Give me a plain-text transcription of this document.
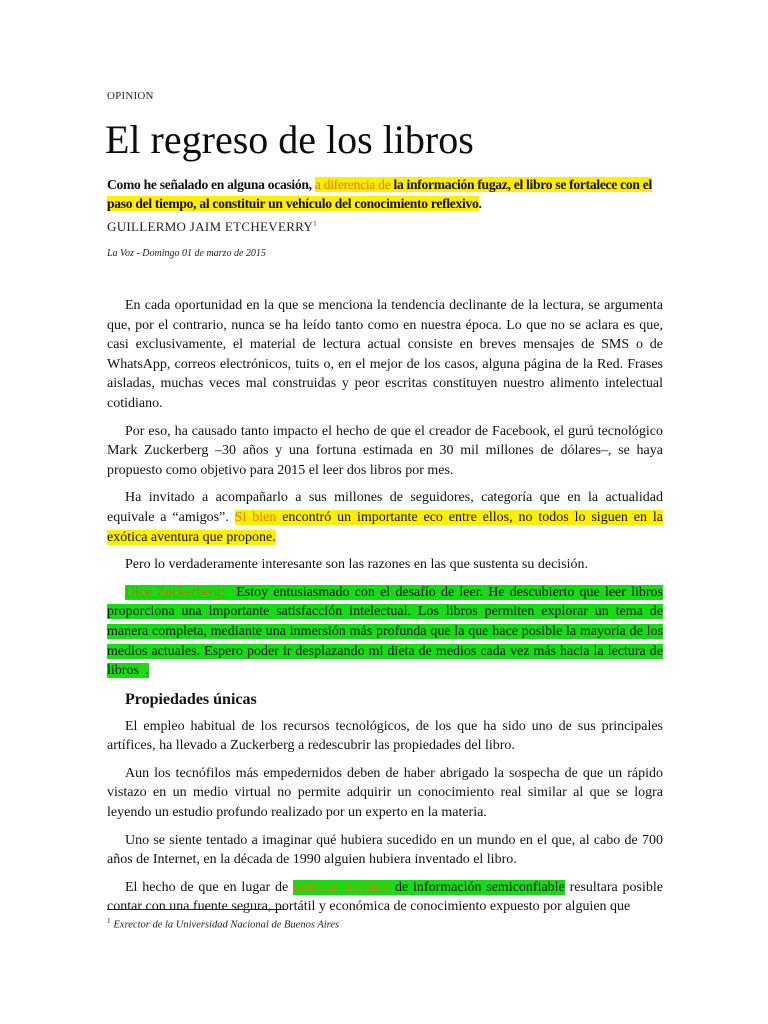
OPINION
El regreso de los libros
Como he señalado en alguna ocasión, a diferencia de la información fugaz, el libro se fortalece con el paso del tiempo, al constituir un vehículo del conocimiento reflexivo.
GUILLERMO JAIM ETCHEVERRY$^1$
La Voz - Domingo 01 de marzo de 2015

En cada oportunidad en la que se menciona la tendencia declinante de la lectura, se argumenta que, por el contrario, nunca se ha leído tanto como en nuestra época. Lo que no se aclara es que, casi exclusivamente, el material de lectura actual consiste en breves mensajes de SMS o de WhatsApp, correos electrónicos, tuits o, en el mejor de los casos, alguna página de la Red. Frases aisladas, muchas veces mal construidas y peor escritas constituyen nuestro alimento intelectual cotidiano.

Por eso, ha causado tanto impacto el hecho de que el creador de Facebook, el gurú tecnológico Mark Zuckerberg –30 años y una fortuna estimada en 30 mil millones de dólares–, se haya propuesto como objetivo para 2015 el leer dos libros por mes.

Ha invitado a acompañarlo a sus millones de seguidores, categoría que en la actualidad equivale a “amigos”. Si bien encontró un importante eco entre ellos, no todos lo siguen en la exótica aventura que propone.

Pero lo verdaderamente interesante son las razones en las que sustenta su decisión.

Dice Zuckerberg: “Estoy entusiasmado con el desafío de leer. He descubierto que leer libros proporciona una importante satisfacción intelectual. Los libros permiten explorar un tema de manera completa, mediante una inmersión más profunda que la que hace posible la mayoría de los medios actuales. Espero poder ir desplazando mi dieta de medios cada vez más hacia la lectura de libros”.

Propiedades únicas

El empleo habitual de los recursos tecnológicos, de los que ha sido uno de sus principales artífices, ha llevado a Zuckerberg a redescubrir las propiedades del libro.

Aun los tecnófilos más empedernidos deben de haber abrigado la sospecha de que un rápido vistazo en un medio virtual no permite adquirir un conocimiento real similar al que se logra leyendo un estudio profundo realizado por un experto en la materia.

Uno se siente tentado a imaginar qué hubiera sucedido en un mundo en el que, al cabo de 700 años de Internet, en la década de 1990 alguien hubiera inventado el libro.

El hecho de que en lugar de rastrillar océanos de información semiconfiable resultara posible contar con una fuente segura, portátil y económica de conocimiento expuesto por alguien que

$^1$ Exrector de la Universidad Nacional de Buenos Aires
